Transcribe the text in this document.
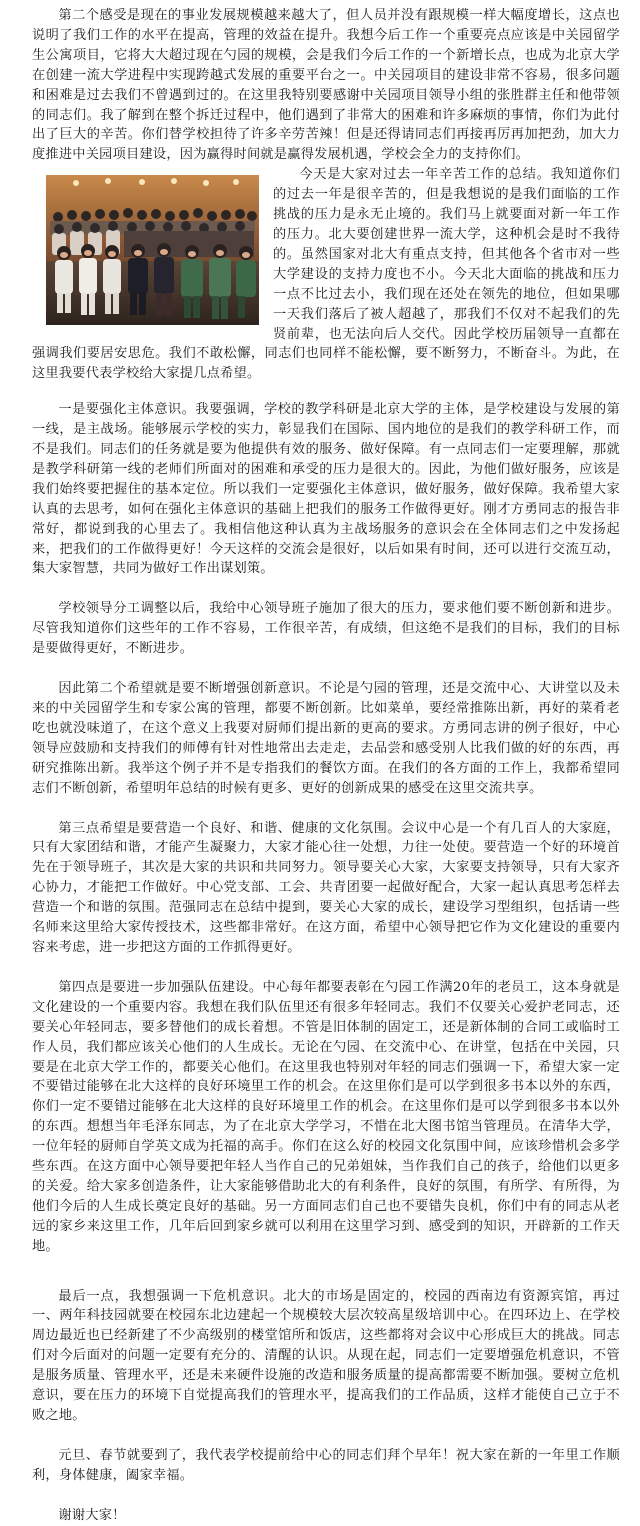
第二个感受是现在的事业发展规模越来越大了，但人员并没有跟规模一样大幅度增长，这点也说明了我们工作的水平在提高，管理的效益在提升。我想今后工作一个重要亮点应该是中关园留学生公寓项目，它将大大超过现在勺园的规模，会是我们今后工作的一个新增长点，也成为北京大学在创建一流大学进程中实现跨越式发展的重要平台之一。中关园项目的建设非常不容易，很多问题和困难是过去我们不曾遇到过的。在这里我特别要感谢中关园项目领导小组的张胜群主任和他带领的同志们。我了解到在整个拆迁过程中，他们遇到了非常大的困难和许多麻烦的事情，你们为此付出了巨大的辛苦。你们替学校担待了许多辛劳苦辣！但是还得请同志们再接再厉再加把劲，加大力度推进中关园项目建设，因为赢得时间就是赢得发展机遇，学校会全力的支持你们。

今天是大家对过去一年辛苦工作的总结。我知道你们的过去一年是很辛苦的，但是我想说的是我们面临的工作挑战的压力是永无止境的。我们马上就要面对新一年工作的压力。北大要创建世界一流大学，这种机会是时不我待的。虽然国家对北大有重点支持，但其他各个省市对一些大学建设的支持力度也不小。今天北大面临的挑战和压力一点不比过去小，我们现在还处在领先的地位，但如果哪一天我们落后了被人超越了，那我们不仅对不起我们的先贤前辈，也无法向后人交代。因此学校历届领导一直都在强调我们要居安思危。我们不敢松懈，同志们也同样不能松懈，要不断努力，不断奋斗。为此，在这里我要代表学校给大家提几点希望。

一是要强化主体意识。我要强调，学校的教学科研是北京大学的主体，是学校建设与发展的第一线，是主战场。能够展示学校的实力，彰显我们在国际、国内地位的是我们的教学科研工作，而不是我们。同志们的任务就是要为他提供有效的服务、做好保障。有一点同志们一定要理解，那就是教学科研第一线的老师们所面对的困难和承受的压力是很大的。因此，为他们做好服务，应该是我们始终要把握住的基本定位。所以我们一定要强化主体意识，做好服务，做好保障。我希望大家认真的去思考，如何在强化主体意识的基础上把我们的服务工作做得更好。刚才方勇同志的报告非常好，都说到我的心里去了。我相信他这种认真为主战场服务的意识会在全体同志们之中发扬起来，把我们的工作做得更好！今天这样的交流会是很好，以后如果有时间，还可以进行交流互动，集大家智慧，共同为做好工作出谋划策。

学校领导分工调整以后，我给中心领导班子施加了很大的压力，要求他们要不断创新和进步。尽管我知道你们这些年的工作不容易，工作很辛苦，有成绩，但这绝不是我们的目标，我们的目标是要做得更好，不断进步。

因此第二个希望就是要不断增强创新意识。不论是勺园的管理，还是交流中心、大讲堂以及未来的中关园留学生和专家公寓的管理，都要不断创新。比如菜单，要经常推陈出新，再好的菜肴老吃也就没味道了，在这个意义上我要对厨师们提出新的更高的要求。方勇同志讲的例子很好，中心领导应鼓励和支持我们的师傅有针对性地常出去走走，去品尝和感受别人比我们做的好的东西，再研究推陈出新。我举这个例子并不是专指我们的餐饮方面。在我们的各方面的工作上，我都希望同志们不断创新，希望明年总结的时候有更多、更好的创新成果的感受在这里交流共享。

第三点希望是要营造一个良好、和谐、健康的文化氛围。会议中心是一个有几百人的大家庭，只有大家团结和谐，才能产生凝聚力，大家才能心往一处想，力往一处使。要营造一个好的环境首先在于领导班子，其次是大家的共识和共同努力。领导要关心大家，大家要支持领导，只有大家齐心协力，才能把工作做好。中心党支部、工会、共青团要一起做好配合，大家一起认真思考怎样去营造一个和谐的氛围。范强同志在总结中提到，要关心大家的成长，建设学习型组织，包括请一些名师来这里给大家传授技术，这些都非常好。在这方面，希望中心领导把它作为文化建设的重要内容来考虑，进一步把这方面的工作抓得更好。

第四点是要进一步加强队伍建设。中心每年都要表彰在勺园工作满20年的老员工，这本身就是文化建设的一个重要内容。我想在我们队伍里还有很多年轻同志。我们不仅要关心爱护老同志，还要关心年轻同志，要多替他们的成长着想。不管是旧体制的固定工，还是新体制的合同工或临时工作人员，我们都应该关心他们的人生成长。无论在勺园、在交流中心、在讲堂，包括在中关园，只要是在北京大学工作的，都要关心他们。在这里我也特别对年轻的同志们强调一下，希望大家一定不要错过能够在北大这样的良好环境里工作的机会。在这里你们是可以学到很多书本以外的东西，你们一定不要错过能够在北大这样的良好环境里工作的机会。在这里你们是可以学到很多书本以外的东西。想想当年毛泽东同志，为了在北京大学学习，不惜在北大图书馆当管理员。在清华大学，一位年轻的厨师自学英文成为托福的高手。你们在这么好的校园文化氛围中间，应该珍惜机会多学些东西。在这方面中心领导要把年轻人当作自己的兄弟姐妹，当作我们自己的孩子，给他们以更多的关爱。给大家多创造条件，让大家能够借助北大的有利条件，良好的氛围，有所学、有所得，为他们今后的人生成长奠定良好的基础。另一方面同志们自己也不要错失良机，你们中有的同志从老远的家乡来这里工作，几年后回到家乡就可以利用在这里学习到、感受到的知识，开辟新的工作天地。

最后一点，我想强调一下危机意识。北大的市场是固定的，校园的西南边有资源宾馆，再过一、两年科技园就要在校园东北边建起一个规模较大层次较高星级培训中心。在四环边上、在学校周边最近也已经新建了不少高级别的楼堂馆所和饭店，这些都将对会议中心形成巨大的挑战。同志们对今后面对的问题一定要有充分的、清醒的认识。从现在起，同志们一定要增强危机意识，不管是服务质量、管理水平，还是未来硬件设施的改造和服务质量的提高都需要不断加强。要树立危机意识，要在压力的环境下自觉提高我们的管理水平，提高我们的工作品质，这样才能使自己立于不败之地。

元旦、春节就要到了，我代表学校提前给中心的同志们拜个早年！祝大家在新的一年里工作顺利，身体健康，阖家幸福。

谢谢大家！
